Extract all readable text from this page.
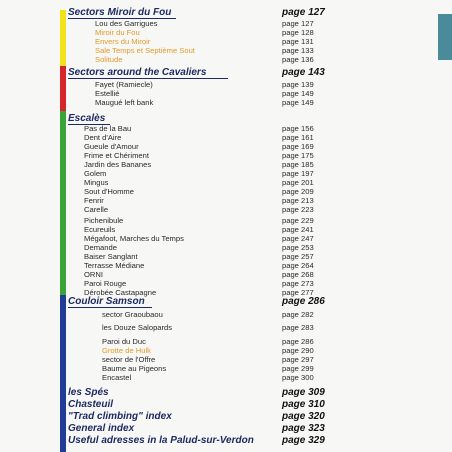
Sectors Miroir du Fou	page 127
Lou des Garrigues	page 127
Miroir du Fou	page 128
Envers du Miroir	page 131
Sale Temps et Septième Sout	page 133
Solitude	page 136
Sectors around the Cavaliers	page 143
Fayet (Ramiecle)	page 139
Estellié	page 149
Maugué left bank	page 149
Escalès
Pas de la Bau	page 156
Dent d'Aire	page 161
Gueule d'Amour	page 169
Frime et Chériment	page 175
Jardin des Bananes	page 185
Golem	page 197
Mingus	page 201
Sout d'Homme	page 209
Fenrir	page 213
Carelle	page 223
Pichenibule	page 229
Ecureuils	page 241
Mégafoot, Marches du Temps	page 247
Demande	page 253
Baiser Sanglant	page 257
Terrasse Médiane	page 264
ORNI	page 268
Paroi Rouge	page 273
Dérobée Castapagne	page 277
Couloir Samson	page 286
sector Graoubaou	page 282
les Douze Salopards	page 283
Paroi du Duc	page 286
Grotte de Hulk	page 290
sector de l'Offre	page 297
Baume au Pigeons	page 299
Encastel	page 300
les Spés	page 309
Chasteuil	page 310
"Trad climbing" index	page 320
General index	page 323
Useful adresses in la Palud-sur-Verdon	page 329
